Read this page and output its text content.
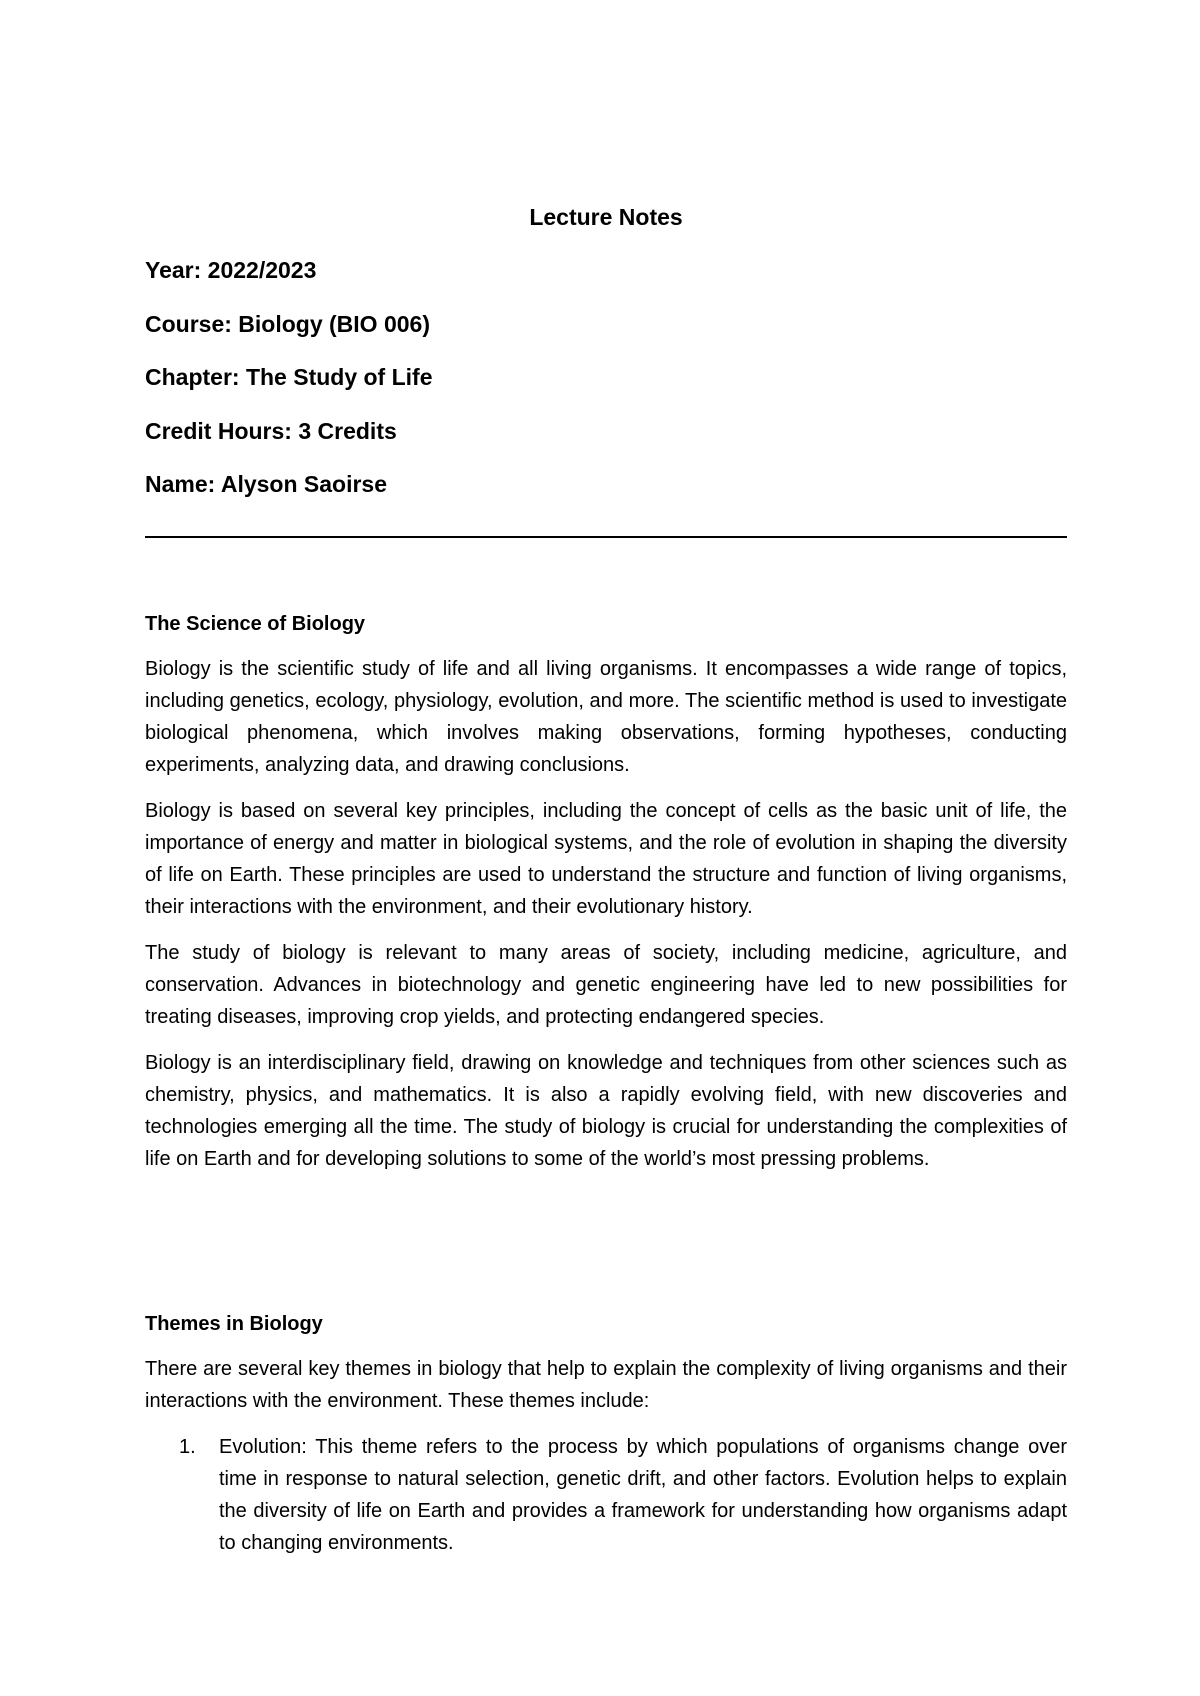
Lecture Notes
Year: 2022/2023
Course: Biology (BIO 006)
Chapter: The Study of Life
Credit Hours: 3 Credits
Name: Alyson Saoirse
The Science of Biology

Biology is the scientific study of life and all living organisms. It encompasses a wide range of topics, including genetics, ecology, physiology, evolution, and more. The scientific method is used to investigate biological phenomena, which involves making observations, forming hypotheses, conducting experiments, analyzing data, and drawing conclusions.

Biology is based on several key principles, including the concept of cells as the basic unit of life, the importance of energy and matter in biological systems, and the role of evolution in shaping the diversity of life on Earth. These principles are used to understand the structure and function of living organisms, their interactions with the environment, and their evolutionary history.

The study of biology is relevant to many areas of society, including medicine, agriculture, and conservation. Advances in biotechnology and genetic engineering have led to new possibilities for treating diseases, improving crop yields, and protecting endangered species.

Biology is an interdisciplinary field, drawing on knowledge and techniques from other sciences such as chemistry, physics, and mathematics. It is also a rapidly evolving field, with new discoveries and technologies emerging all the time. The study of biology is crucial for understanding the complexities of life on Earth and for developing solutions to some of the world’s most pressing problems.

Themes in Biology

There are several key themes in biology that help to explain the complexity of living organisms and their interactions with the environment. These themes include:

1. Evolution: This theme refers to the process by which populations of organisms change over time in response to natural selection, genetic drift, and other factors. Evolution helps to explain the diversity of life on Earth and provides a framework for understanding how organisms adapt to changing environments.
